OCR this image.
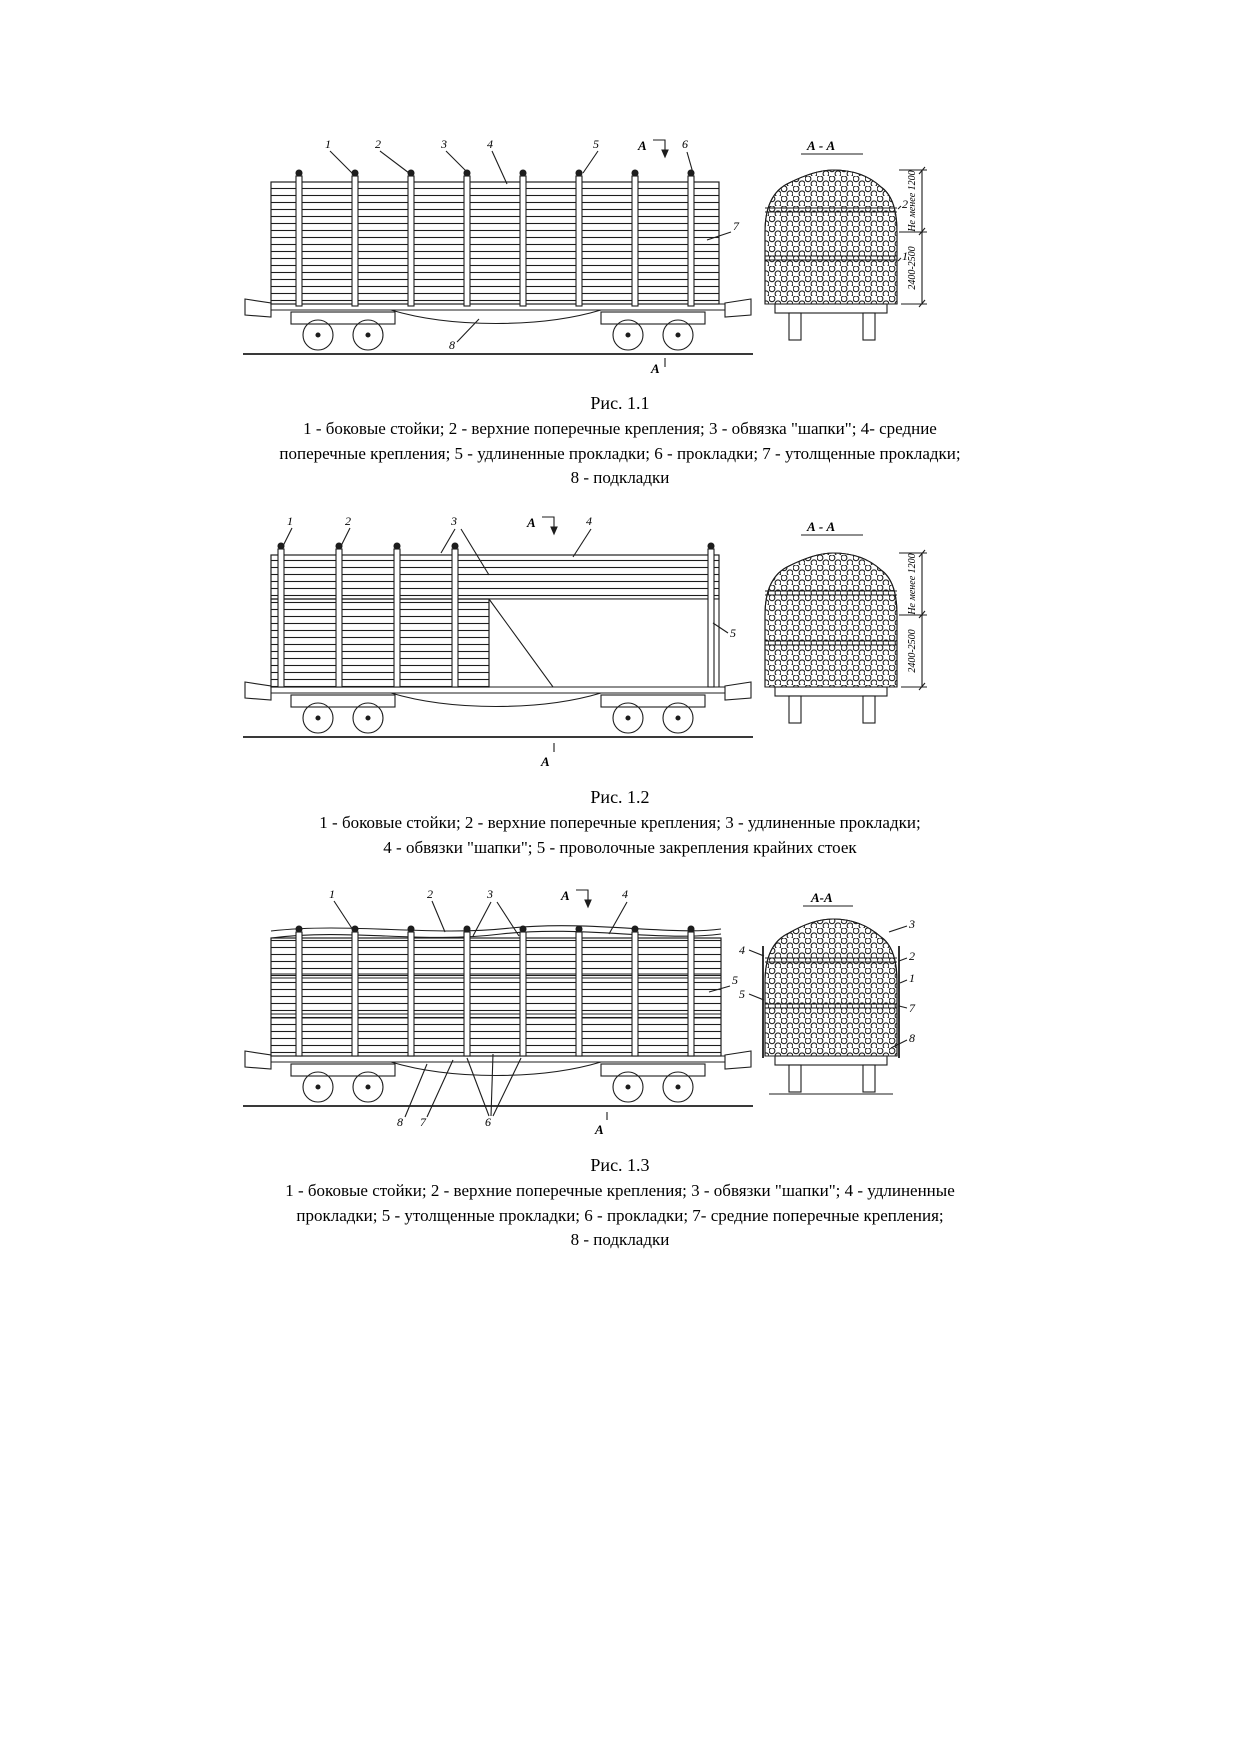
1	2	3	4	5	6
7
8
А
А
А - А
2
1
Не менее 1200
2400-2500
Рис. 1.1
1 - боковые стойки; 2 - верхние поперечные крепления; 3 - обвязка "шапки"; 4- средние
поперечные крепления; 5 - удлиненные прокладки; 6 - прокладки; 7 - утолщенные прокладки;
8 - подкладки
1	2	3	4
5
А
А
А - А
Не менее 1200
2400-2500
Рис. 1.2
1 - боковые стойки; 2 - верхние поперечные крепления; 3 - удлиненные прокладки;
4 - обвязки "шапки"; 5 - проволочные закрепления крайних стоек
1	2	3	4
5
8 7	6
А
А
А-А
4
5
3
2
1
7
8
Рис. 1.3
1 - боковые стойки; 2 - верхние поперечные крепления; 3 - обвязки "шапки"; 4 - удлиненные
прокладки; 5 - утолщенные прокладки; 6 - прокладки; 7- средние поперечные крепления;
8 - подкладки
